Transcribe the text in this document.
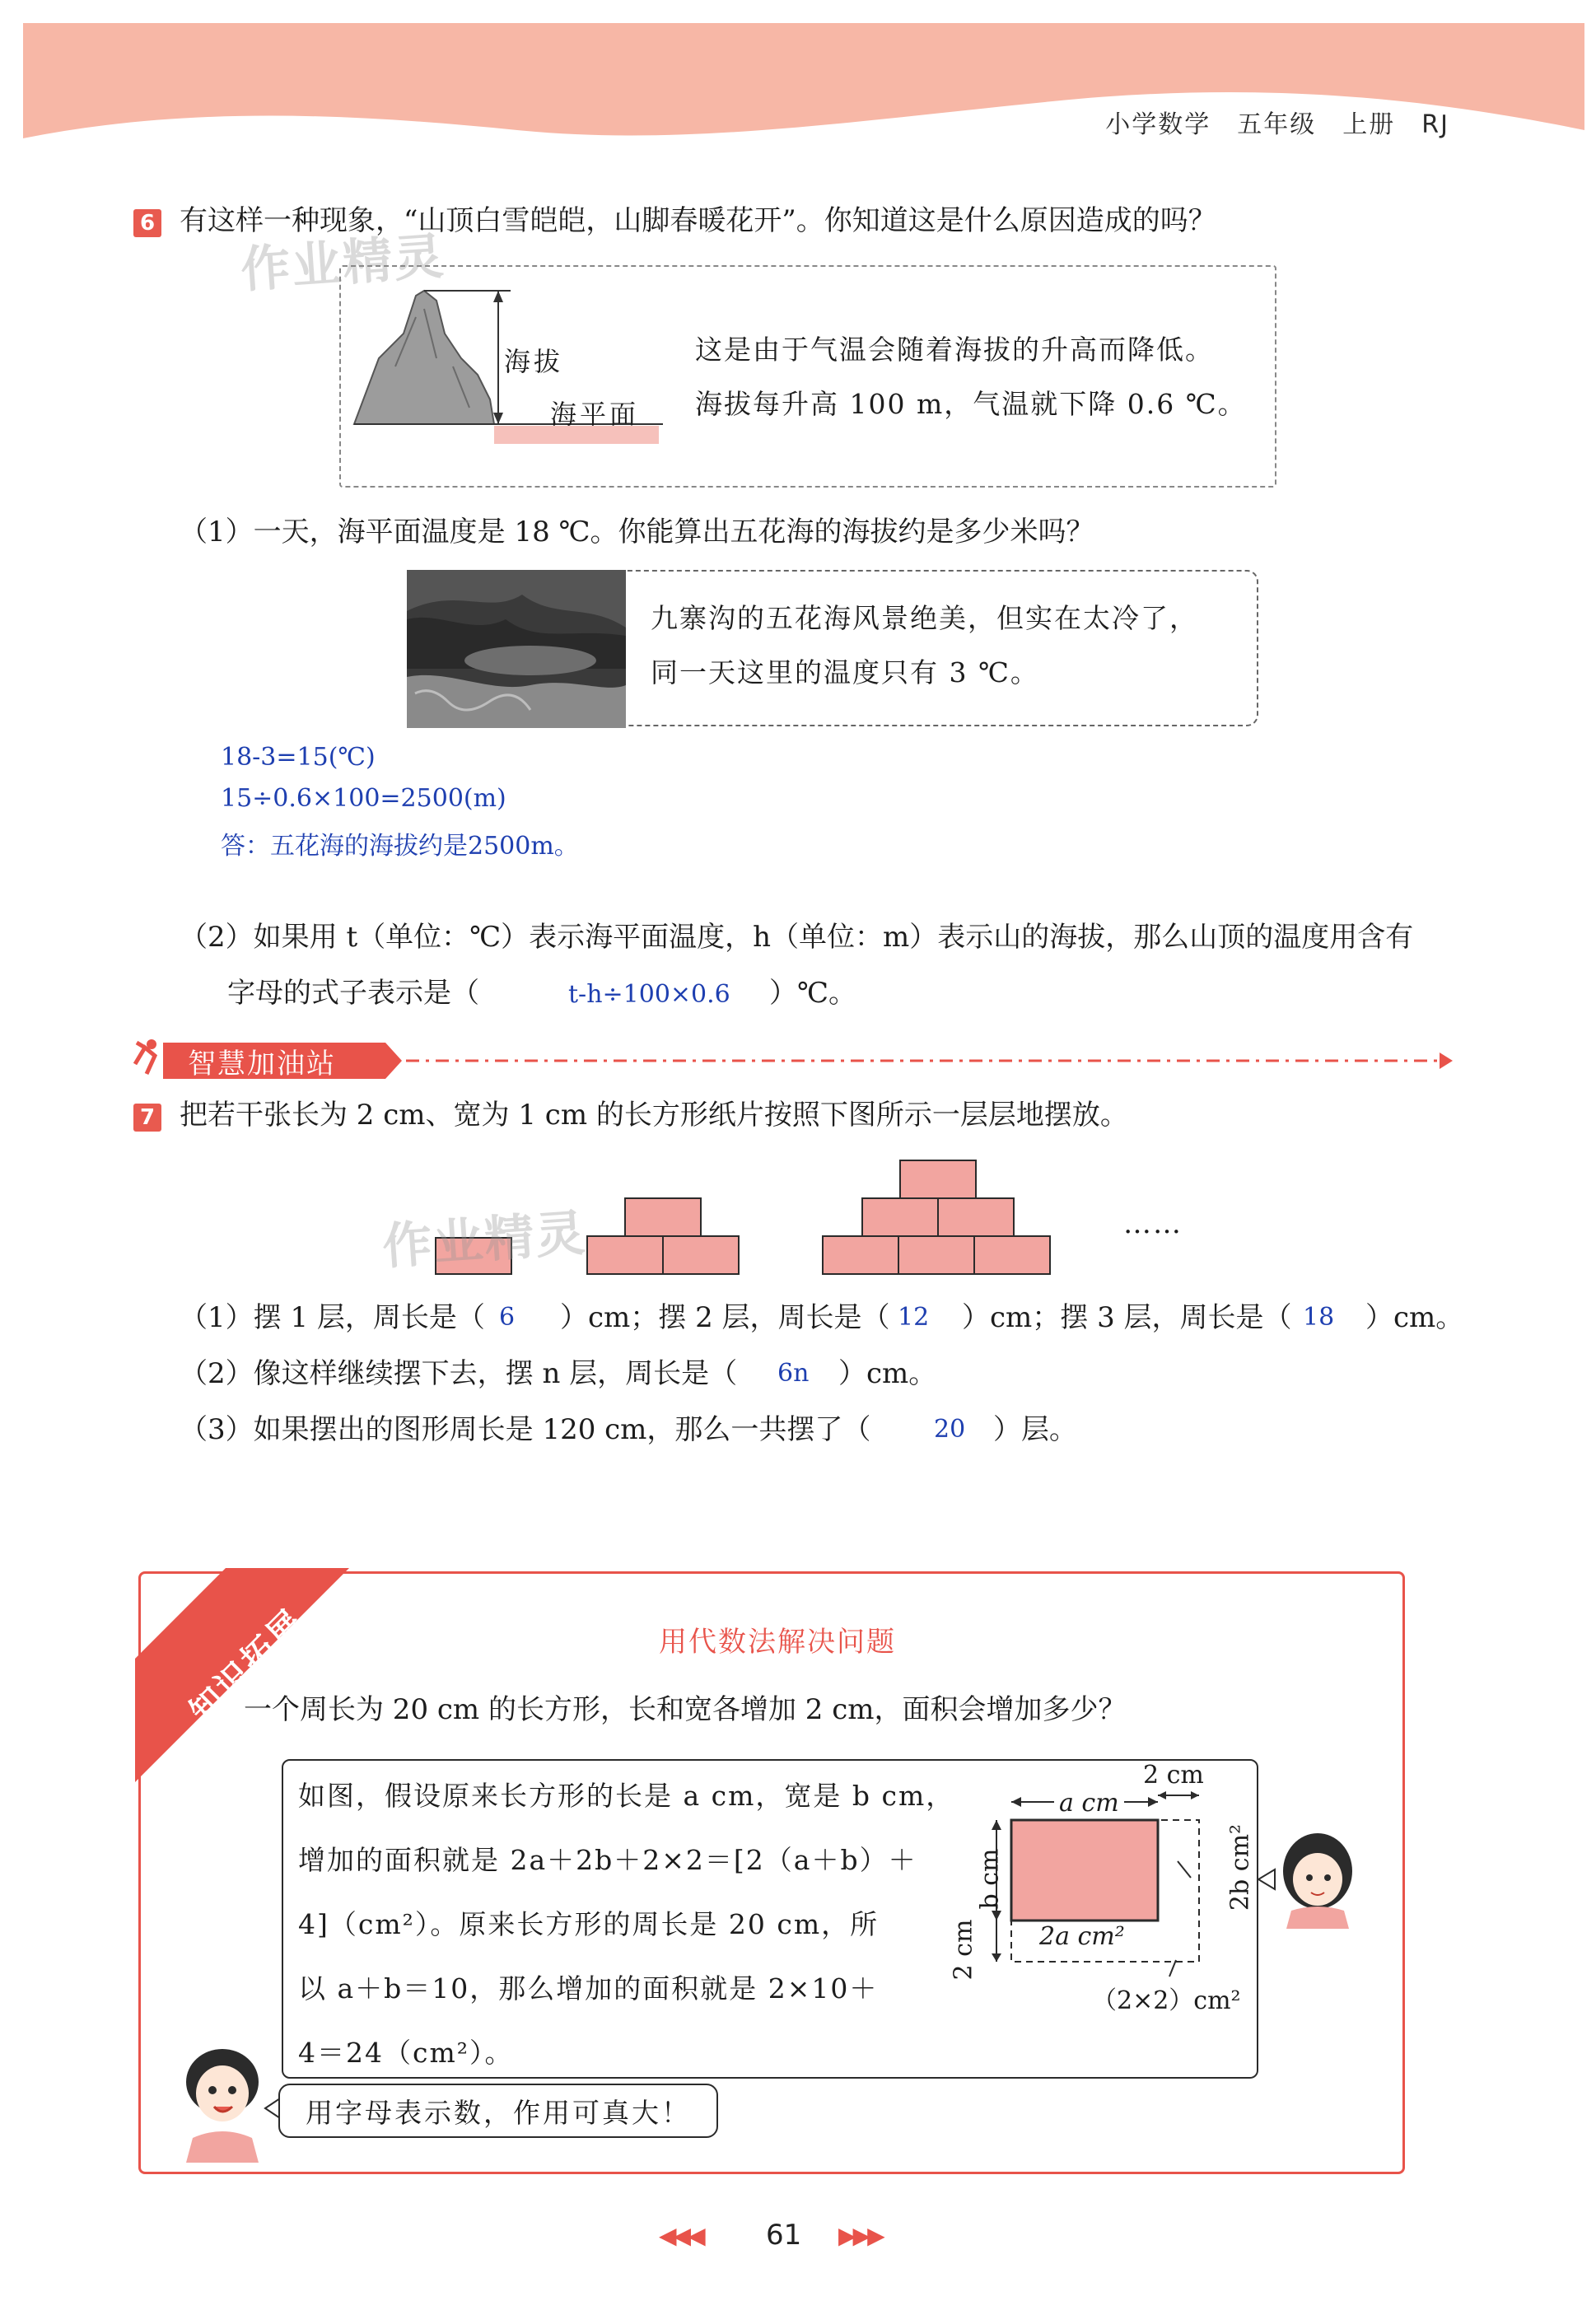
小学数学　五年级　上册　RJ
6 有这样一种现象，“山顶白雪皑皑，山脚春暖花开”。你知道这是什么原因造成的吗？
作业精灵
海拔
海平面
这是由于气温会随着海拔的升高而降低。
海拔每升高 100 m，气温就下降 0.6 ℃。
（1）一天，海平面温度是 18 ℃。你能算出五花海的海拔约是多少米吗？
九寨沟的五花海风景绝美，但实在太冷了，
同一天这里的温度只有 3 ℃。
18-3=15(℃)
15÷0.6×100=2500(m)
答：五花海的海拔约是2500m。
（2）如果用 t（单位：℃）表示海平面温度，h（单位：m）表示山的海拔，那么山顶的温度用含有
字母的式子表示是（	t-h÷100×0.6 ）℃。
智慧加油站
7 把若干张长为 2 cm、宽为 1 cm 的长方形纸片按照下图所示一层层地摆放。
……
作业精灵
（1）摆 1 层，周长是（ 6 ）cm；摆 2 层，周长是（ 12 ）cm；摆 3 层，周长是（ 18 ）cm。
（2）像这样继续摆下去，摆 n 层，周长是（ 6n ）cm。
（3）如果摆出的图形周长是 120 cm，那么一共摆了（	20 ）层。
知识拓展	用代数法解决问题
一个周长为 20 cm 的长方形，长和宽各增加 2 cm，面积会增加多少？
如图，假设原来长方形的长是 a cm，宽是 b cm，
增加的面积就是 2a＋2b＋2×2＝[2（a＋b）＋
4]（cm²）。原来长方形的周长是 20 cm，所
以 a＋b＝10，那么增加的面积就是 2×10＋
4＝24（cm²）。
2 cm
a cm
b cm
2 cm 2a cm²
2b cm²
（2×2）cm²
用字母表示数，作用可真大！
◀◀◀ 61 ▶▶▶
